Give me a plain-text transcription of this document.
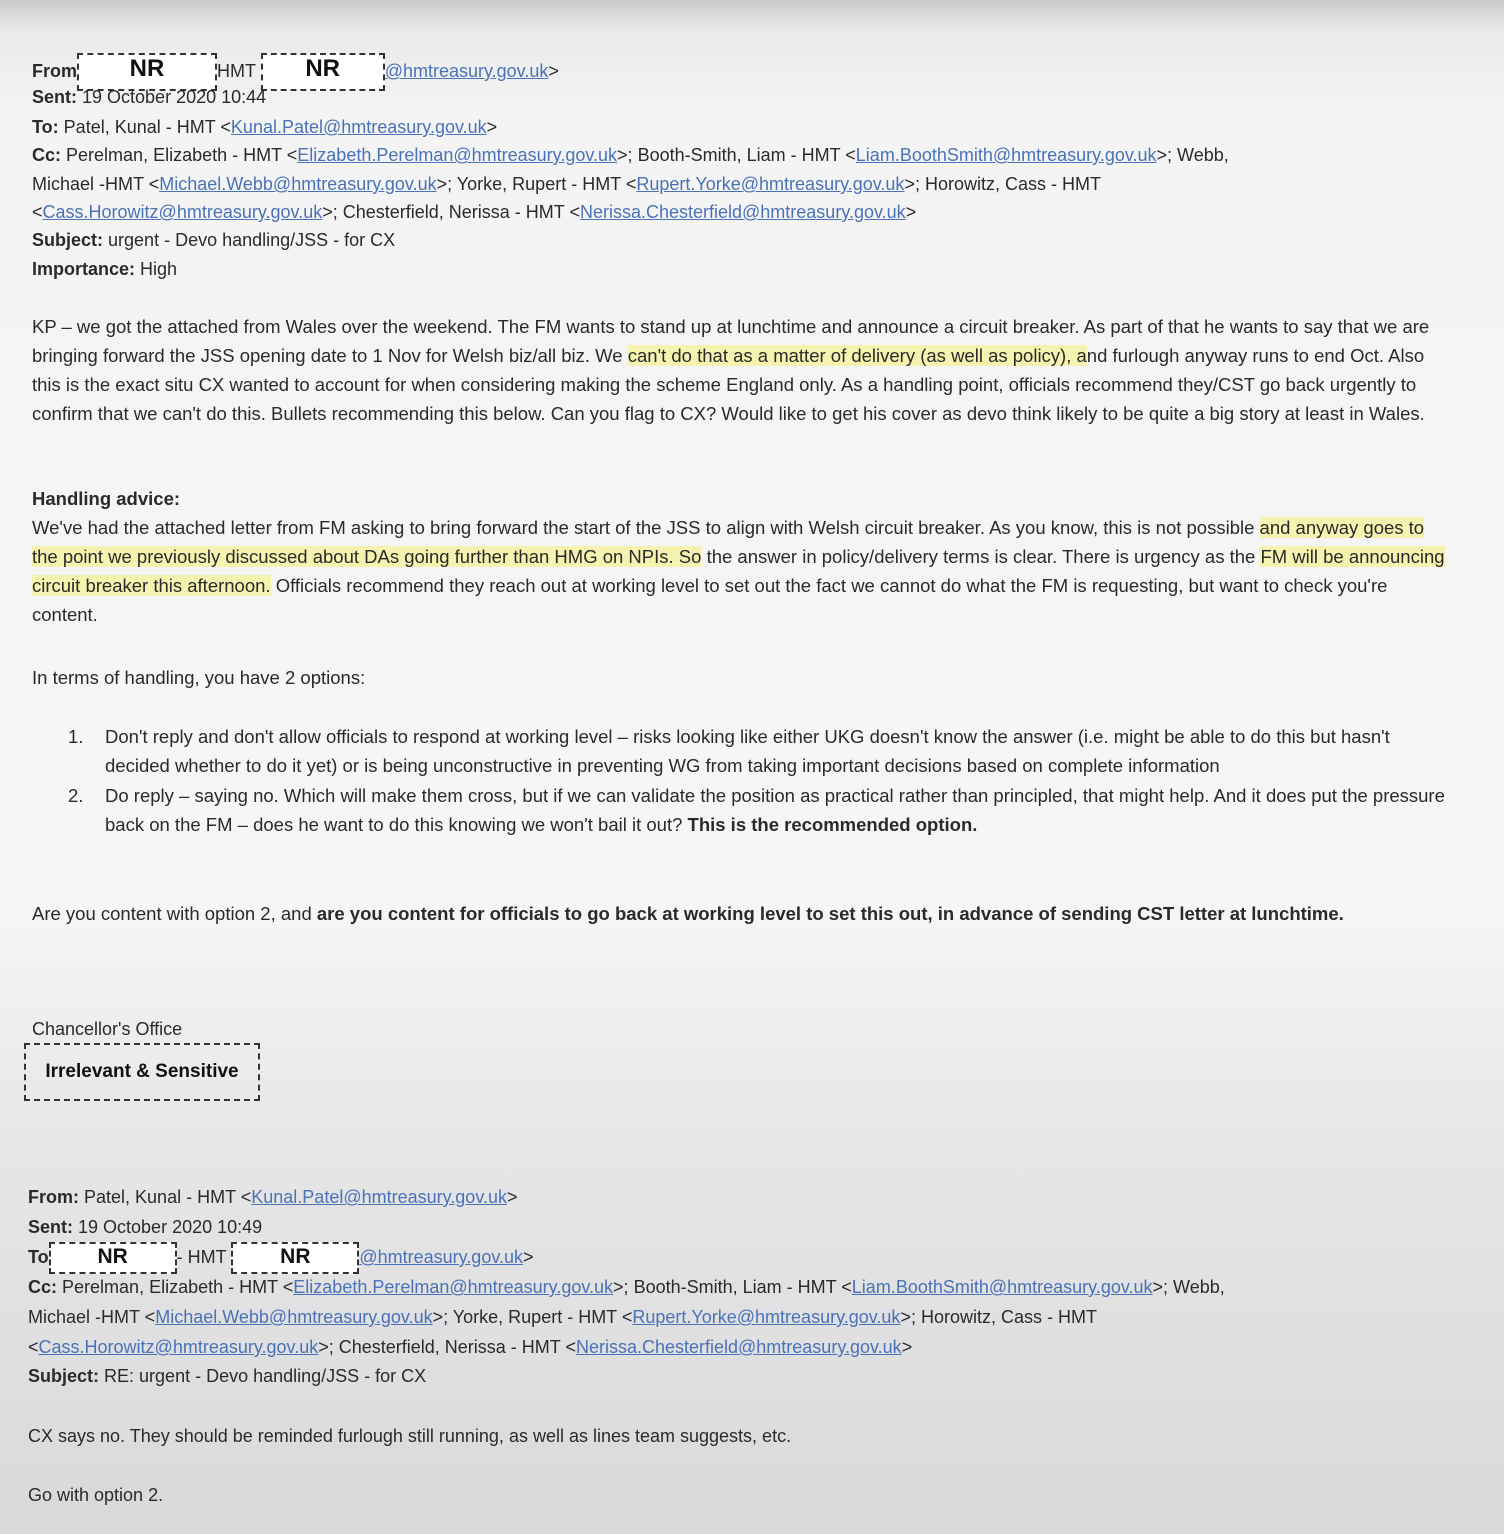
From NR	HMT NR @hmtreasury.gov.uk>
Sent: 19 October 2020 10:44
To: Patel, Kunal - HMT <Kunal.Patel@hmtreasury.gov.uk>
Cc: Perelman, Elizabeth - HMT <Elizabeth.Perelman@hmtreasury.gov.uk>; Booth-Smith, Liam - HMT <Liam.BoothSmith@hmtreasury.gov.uk>; Webb,
Michael -HMT <Michael.Webb@hmtreasury.gov.uk>; Yorke, Rupert - HMT <Rupert.Yorke@hmtreasury.gov.uk>; Horowitz, Cass - HMT
<Cass.Horowitz@hmtreasury.gov.uk>; Chesterfield, Nerissa - HMT <Nerissa.Chesterfield@hmtreasury.gov.uk>
Subject: urgent - Devo handling/JSS - for CX
Importance: High

KP – we got the attached from Wales over the weekend. The FM wants to stand up at lunchtime and announce a circuit breaker. As part of that he wants to say that we are bringing forward the JSS opening date to 1 Nov for Welsh biz/all biz. We can't do that as a matter of delivery (as well as policy), and furlough anyway runs to end Oct. Also this is the exact situ CX wanted to account for when considering making the scheme England only. As a handling point, officials recommend they/CST go back urgently to confirm that we can't do this. Bullets recommending this below. Can you flag to CX? Would like to get his cover as devo think likely to be quite a big story at least in Wales.

Handling advice:

We've had the attached letter from FM asking to bring forward the start of the JSS to align with Welsh circuit breaker. As you know, this is not possible and anyway goes to the point we previously discussed about DAs going further than HMG on NPIs. So the answer in policy/delivery terms is clear. There is urgency as the FM will be announcing circuit breaker this afternoon. Officials recommend they reach out at working level to set out the fact we cannot do what the FM is requesting, but want to check you're content.

In terms of handling, you have 2 options:

1. Don't reply and don't allow officials to respond at working level – risks looking like either UKG doesn't know the answer (i.e. might be able to do this but hasn't decided whether to do it yet) or is being unconstructive in preventing WG from taking important decisions based on complete information
2. Do reply – saying no. Which will make them cross, but if we can validate the position as practical rather than principled, that might help. And it does put the pressure back on the FM – does he want to do this knowing we won't bail it out? This is the recommended option.

Are you content with option 2, and are you content for officials to go back at working level to set this out, in advance of sending CST letter at lunchtime.

Chancellor's Office
Irrelevant & Sensitive
From: Patel, Kunal - HMT <Kunal.Patel@hmtreasury.gov.uk>
Sent: 19 October 2020 10:49
To NR	- HMT	NR	@hmtreasury.gov.uk>
Cc: Perelman, Elizabeth - HMT <Elizabeth.Perelman@hmtreasury.gov.uk>; Booth-Smith, Liam - HMT <Liam.BoothSmith@hmtreasury.gov.uk>; Webb,
Michael -HMT <Michael.Webb@hmtreasury.gov.uk>; Yorke, Rupert - HMT <Rupert.Yorke@hmtreasury.gov.uk>; Horowitz, Cass - HMT
<Cass.Horowitz@hmtreasury.gov.uk>; Chesterfield, Nerissa - HMT <Nerissa.Chesterfield@hmtreasury.gov.uk>
Subject: RE: urgent - Devo handling/JSS - for CX
CX says no. They should be reminded furlough still running, as well as lines team suggests, etc.
Go with option 2.
